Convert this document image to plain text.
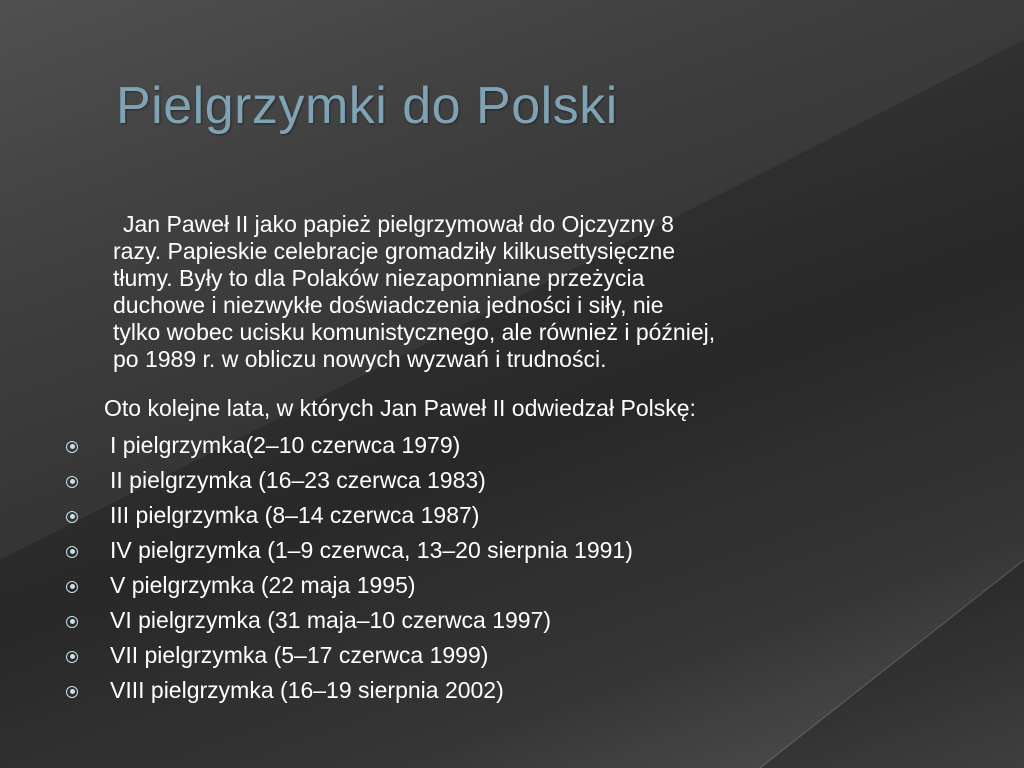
Pielgrzymki do Polski

Jan Paweł II jako papież pielgrzymował do Ojczyzny 8
razy. Papieskie celebracje gromadziły kilkusettysięczne
tłumy. Były to dla Polaków niezapomniane przeżycia
duchowe i niezwykłe doświadczenia jedności i siły, nie
tylko wobec ucisku komunistycznego, ale również i później,
po 1989 r. w obliczu nowych wyzwań i trudności.

Oto kolejne lata, w których Jan Paweł II odwiedzał Polskę:

I pielgrzymka(2–10 czerwca 1979)
II pielgrzymka (16–23 czerwca 1983)
III pielgrzymka (8–14 czerwca 1987)
IV pielgrzymka (1–9 czerwca, 13–20 sierpnia 1991)
V pielgrzymka (22 maja 1995)
VI pielgrzymka (31 maja–10 czerwca 1997)
VII pielgrzymka (5–17 czerwca 1999)
VIII pielgrzymka (16–19 sierpnia 2002)
